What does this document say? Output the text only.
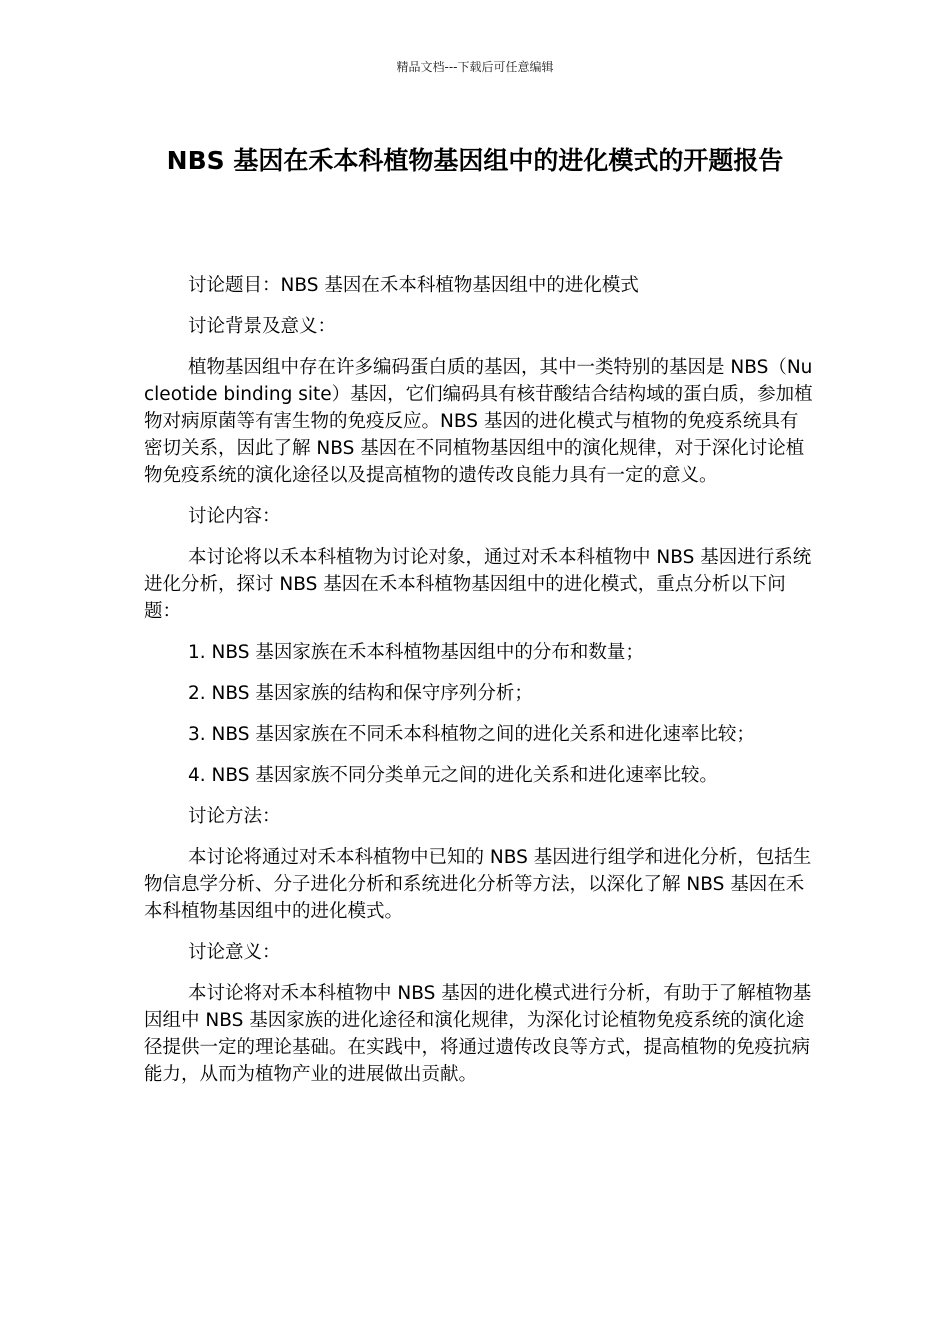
精品文档---下载后可任意编辑
NBS 基因在禾本科植物基因组中的进化模式的开题报告

讨论题目：NBS 基因在禾本科植物基因组中的进化模式

讨论背景及意义：

植物基因组中存在许多编码蛋白质的基因，其中一类特别的基因是 NBS（Nucleotide binding site）基因，它们编码具有核苷酸结合结构域的蛋白质，参加植物对病原菌等有害生物的免疫反应。NBS 基因的进化模式与植物的免疫系统具有密切关系，因此了解 NBS 基因在不同植物基因组中的演化规律，对于深化讨论植物免疫系统的演化途径以及提高植物的遗传改良能力具有一定的意义。

讨论内容：

本讨论将以禾本科植物为讨论对象，通过对禾本科植物中 NBS 基因进行系统进化分析，探讨 NBS 基因在禾本科植物基因组中的进化模式，重点分析以下问题：

1. NBS 基因家族在禾本科植物基因组中的分布和数量；

2. NBS 基因家族的结构和保守序列分析；

3. NBS 基因家族在不同禾本科植物之间的进化关系和进化速率比较；

4. NBS 基因家族不同分类单元之间的进化关系和进化速率比较。

讨论方法：

本讨论将通过对禾本科植物中已知的 NBS 基因进行组学和进化分析，包括生物信息学分析、分子进化分析和系统进化分析等方法，以深化了解 NBS 基因在禾本科植物基因组中的进化模式。

讨论意义：

本讨论将对禾本科植物中 NBS 基因的进化模式进行分析，有助于了解植物基因组中 NBS 基因家族的进化途径和演化规律，为深化讨论植物免疫系统的演化途径提供一定的理论基础。在实践中，将通过遗传改良等方式，提高植物的免疫抗病能力，从而为植物产业的进展做出贡献。
